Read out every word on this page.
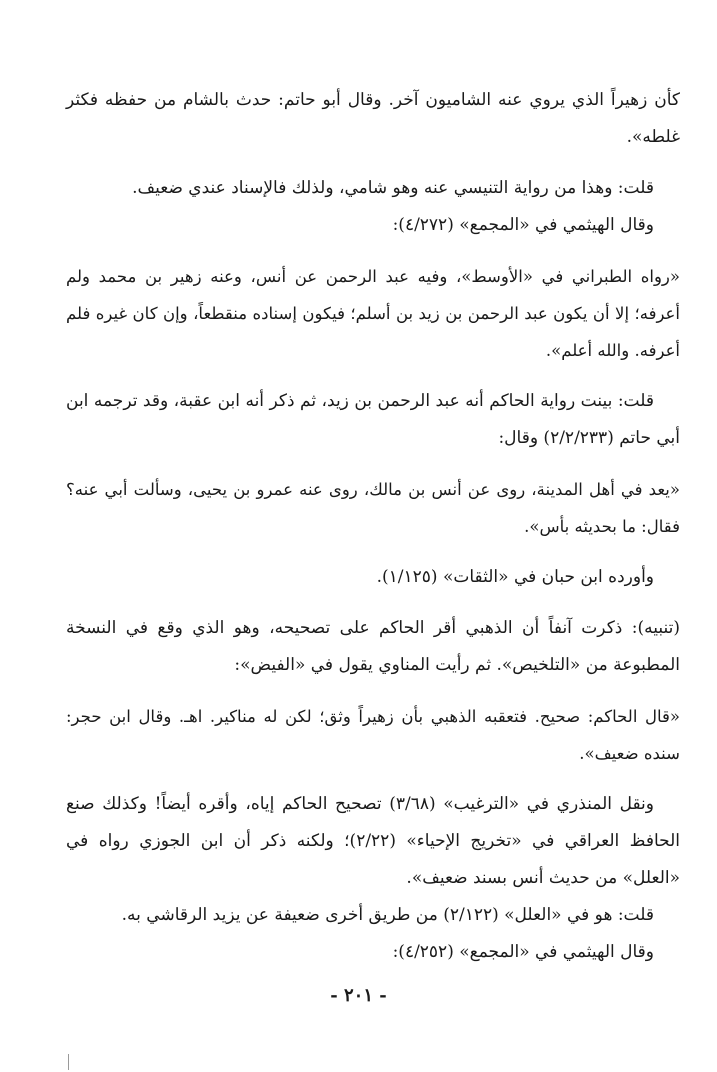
كأن زهيراً الذي يروي عنه الشاميون آخر. وقال أبو حاتم: حدث بالشام من حفظه فكثر غلطه».

قلت: وهذا من رواية التنيسي عنه وهو شامي، ولذلك فالإسناد عندي ضعيف.

وقال الهيثمي في «المجمع» (٤/٢٧٢):

«رواه الطبراني في «الأوسط»، وفيه عبد الرحمن عن أنس، وعنه زهير بن محمد ولم أعرفه؛ إلا أن يكون عبد الرحمن بن زيد بن أسلم؛ فيكون إسناده منقطعاً، وإن كان غيره فلم أعرفه. والله أعلم».

قلت: بينت رواية الحاكم أنه عبد الرحمن بن زيد، ثم ذكر أنه ابن عقبة، وقد ترجمه ابن أبي حاتم (٢/٢/٢٣٣) وقال:

«يعد في أهل المدينة، روى عن أنس بن مالك، روى عنه عمرو بن يحيى، وسألت أبي عنه؟ فقال: ما بحديثه بأس».

وأورده ابن حبان في «الثقات» (١/١٢٥).

(تنبيه): ذكرت آنفاً أن الذهبي أقر الحاكم على تصحيحه، وهو الذي وقع في النسخة المطبوعة من «التلخيص». ثم رأيت المناوي يقول في «الفيض»:

«قال الحاكم: صحيح. فتعقبه الذهبي بأن زهيراً وثق؛ لكن له مناكير. اهـ. وقال ابن حجر: سنده ضعيف».

ونقل المنذري في «الترغيب» (٣/٦٨) تصحيح الحاكم إياه، وأقره أيضاً! وكذلك صنع الحافظ العراقي في «تخريج الإحياء» (٢/٢٢)؛ ولكنه ذكر أن ابن الجوزي رواه في «العلل» من حديث أنس بسند ضعيف».

قلت: هو في «العلل» (٢/١٢٢) من طريق أخرى ضعيفة عن يزيد الرقاشي به.

وقال الهيثمي في «المجمع» (٤/٢٥٢):

- ٢٠١ -
